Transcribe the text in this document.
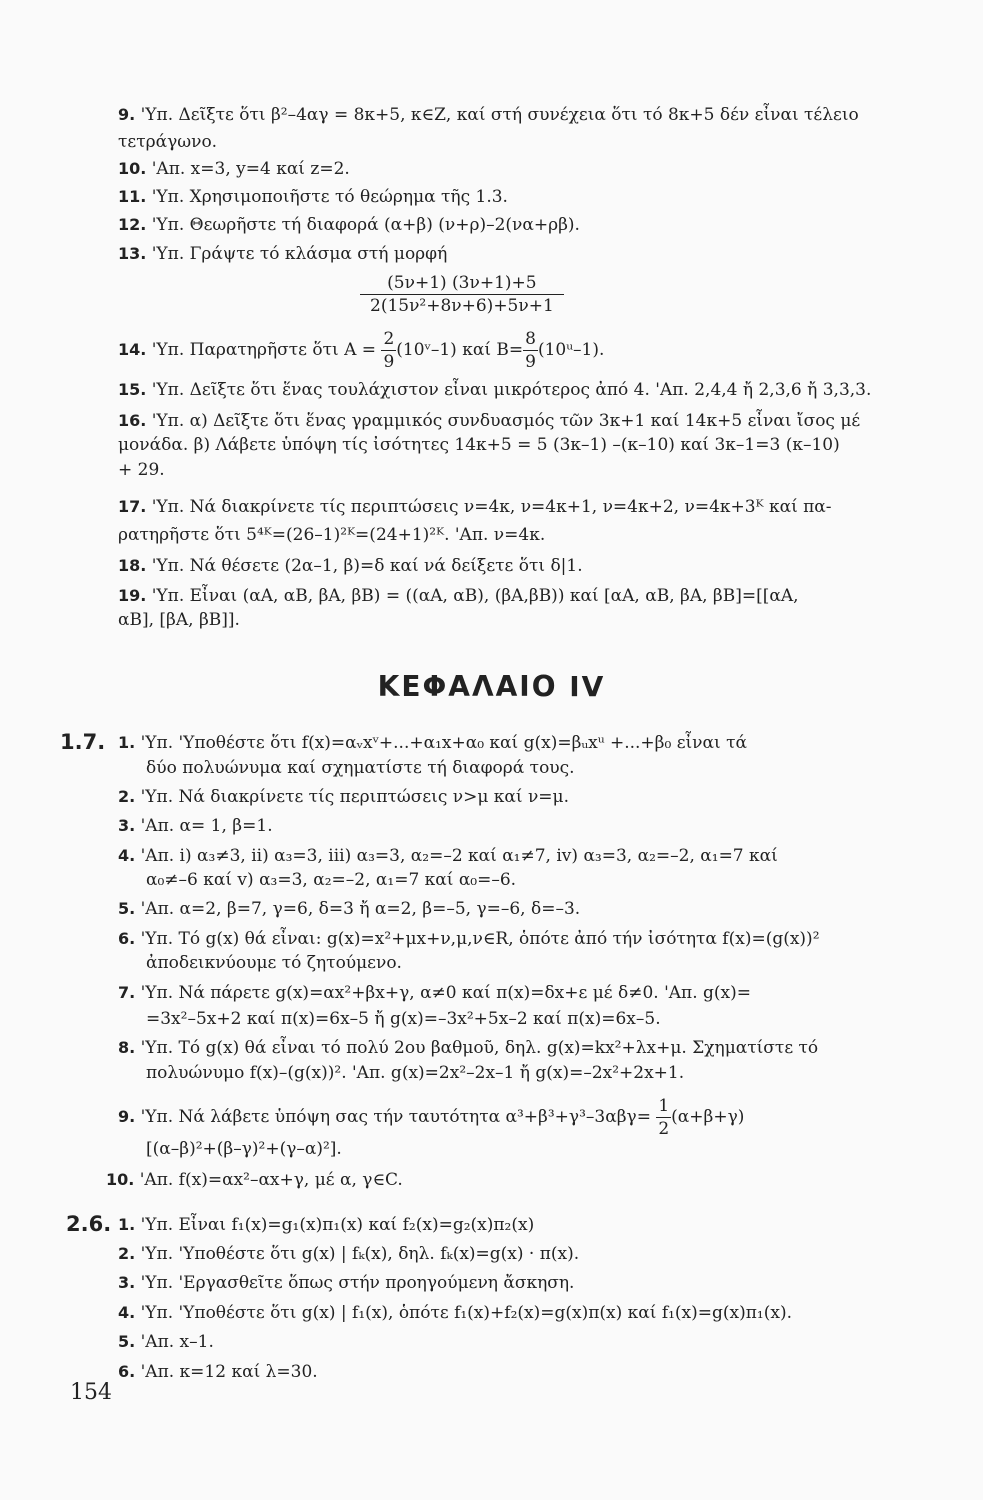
9. 'Υπ. Δεῖξτε ὅτι β²–4αγ = 8κ+5, κ∈Ζ, καί στή συνέχεια ὅτι τό 8κ+5 δέν εἶναι τέλειο
τετράγωνο.
10. 'Απ. x=3, y=4 καί z=2.
11. 'Υπ. Χρησιμοποιῆστε τό θεώρημα τῆς 1.3.
12. 'Υπ. Θεωρῆστε τή διαφορά (α+β) (ν+ρ)–2(να+ρβ).
13. 'Υπ. Γράψτε τό κλάσμα στή μορφή
$\frac{(5\nu+1) (3\nu+1)+5}{\text{2(15ν²+8ν+6)+5ν+1}}$
14. 'Υπ. Παρατηρῆστε ὅτι $A = \frac{2}{9}$ (10ᵛ–1) καί $B= \frac{8}{9}$ (10ᵘ–1).
15. 'Υπ. Δεῖξτε ὅτι ἕνας τουλάχιστον εἶναι μικρότερος ἀπό 4. 'Απ. 2,4,4 ἤ 2,3,6 ἤ 3,3,3.
16. 'Υπ. α) Δεῖξτε ὅτι ἕνας γραμμικός συνδυασμός τῶν 3κ+1 καί 14κ+5 εἶναι ἴσος μέ
μονάδα. β) Λάβετε ὑπόψη τίς ἰσότητες 14κ+5 = 5 (3κ–1) –(κ–10) καί 3κ–1=3 (κ–10)
+ 29.
17. 'Υπ. Νά διακρίνετε τίς περιπτώσεις ν=4κ, ν=4κ+1, ν=4κ+2, ν=4κ+3ᴷ καί πα-
ρατηρῆστε ὅτι 5⁴ᴷ=(26–1)²ᴷ=(24+1)²ᴷ. 'Απ. ν=4κ.
18. 'Υπ. Νά θέσετε (2α–1, β)=δ καί νά δείξετε ὅτι δ|1.
19. 'Υπ. Εἶναι (αΑ, αΒ, βΑ, βΒ) = ((αΑ, αΒ), (βΑ,βΒ)) καί [αΑ, αΒ, βΑ, βΒ]=[[αΑ,
αΒ], [βΑ, βΒ]].
ΚΕΦΑΛΑΙΟ IV
1.7. 1. 'Υπ. 'Υποθέστε ὅτι f(x)=αᵥxᵛ+...+α₁x+α₀ καί g(x)=βᵤxᵘ +...+β₀ εἶναι τά
δύο πολυώνυμα καί σχηματίστε τή διαφορά τους.
2. 'Υπ. Νά διακρίνετε τίς περιπτώσεις ν>μ καί ν=μ.
3. 'Απ. α= 1, β=1.
4. 'Απ. i) α₃≠3, ii) α₃=3, iii) α₃=3, α₂=–2 καί α₁≠7, iv) α₃=3, α₂=–2, α₁=7 καί
α₀≠–6 καί v) α₃=3, α₂=–2, α₁=7 καί α₀=–6.
5. 'Απ. α=2, β=7, γ=6, δ=3 ἤ α=2, β=–5, γ=–6, δ=–3.
6. 'Υπ. Τό g(x) θά εἶναι: g(x)=x²+μx+ν,μ,ν∈R, ὁπότε ἀπό τήν ἰσότητα f(x)=(g(x))²
ἀποδεικνύουμε τό ζητούμενο.
7. 'Υπ. Νά πάρετε g(x)=αx²+βx+γ, α≠0 καί π(x)=δx+ε μέ δ≠0. 'Απ. g(x)=
=3x²–5x+2 καί π(x)=6x–5 ἤ g(x)=–3x²+5x–2 καί π(x)=6x–5.
8. 'Υπ. Τό g(x) θά εἶναι τό πολύ 2ου βαθμοῦ, δηλ. g(x)=kx²+λx+μ. Σχηματίστε τό
πολυώνυμο f(x)–(g(x))². 'Απ. g(x)=2x²–2x–1 ἤ g(x)=–2x²+2x+1.
9. 'Υπ. Νά λάβετε ὑπόψη σας τήν ταυτότητα $\alpha^3+\beta^3+\gamma^3-3\alpha\beta\gamma= \frac{1}{2} (\alpha+\beta+\gamma)$
[(α–β)²+(β–γ)²+(γ–α)²].
10. 'Απ. f(x)=αx²–αx+γ, μέ α, γ∈C.
2.6. 1. 'Υπ. Εἶναι f₁(x)=g₁(x)π₁(x) καί f₂(x)=g₂(x)π₂(x)
2. 'Υπ. 'Υποθέστε ὅτι g(x) | fₖ(x), δηλ. fₖ(x)=g(x) · π(x).
3. 'Υπ. 'Εργασθεῖτε ὅπως στήν προηγούμενη ἄσκηση.
4. 'Υπ. 'Υποθέστε ὅτι g(x) | f₁(x), ὁπότε f₁(x)+f₂(x)=g(x)π(x) καί f₁(x)=g(x)π₁(x).
5. 'Απ. x–1.
6. 'Απ. κ=12 καί λ=30.
154
